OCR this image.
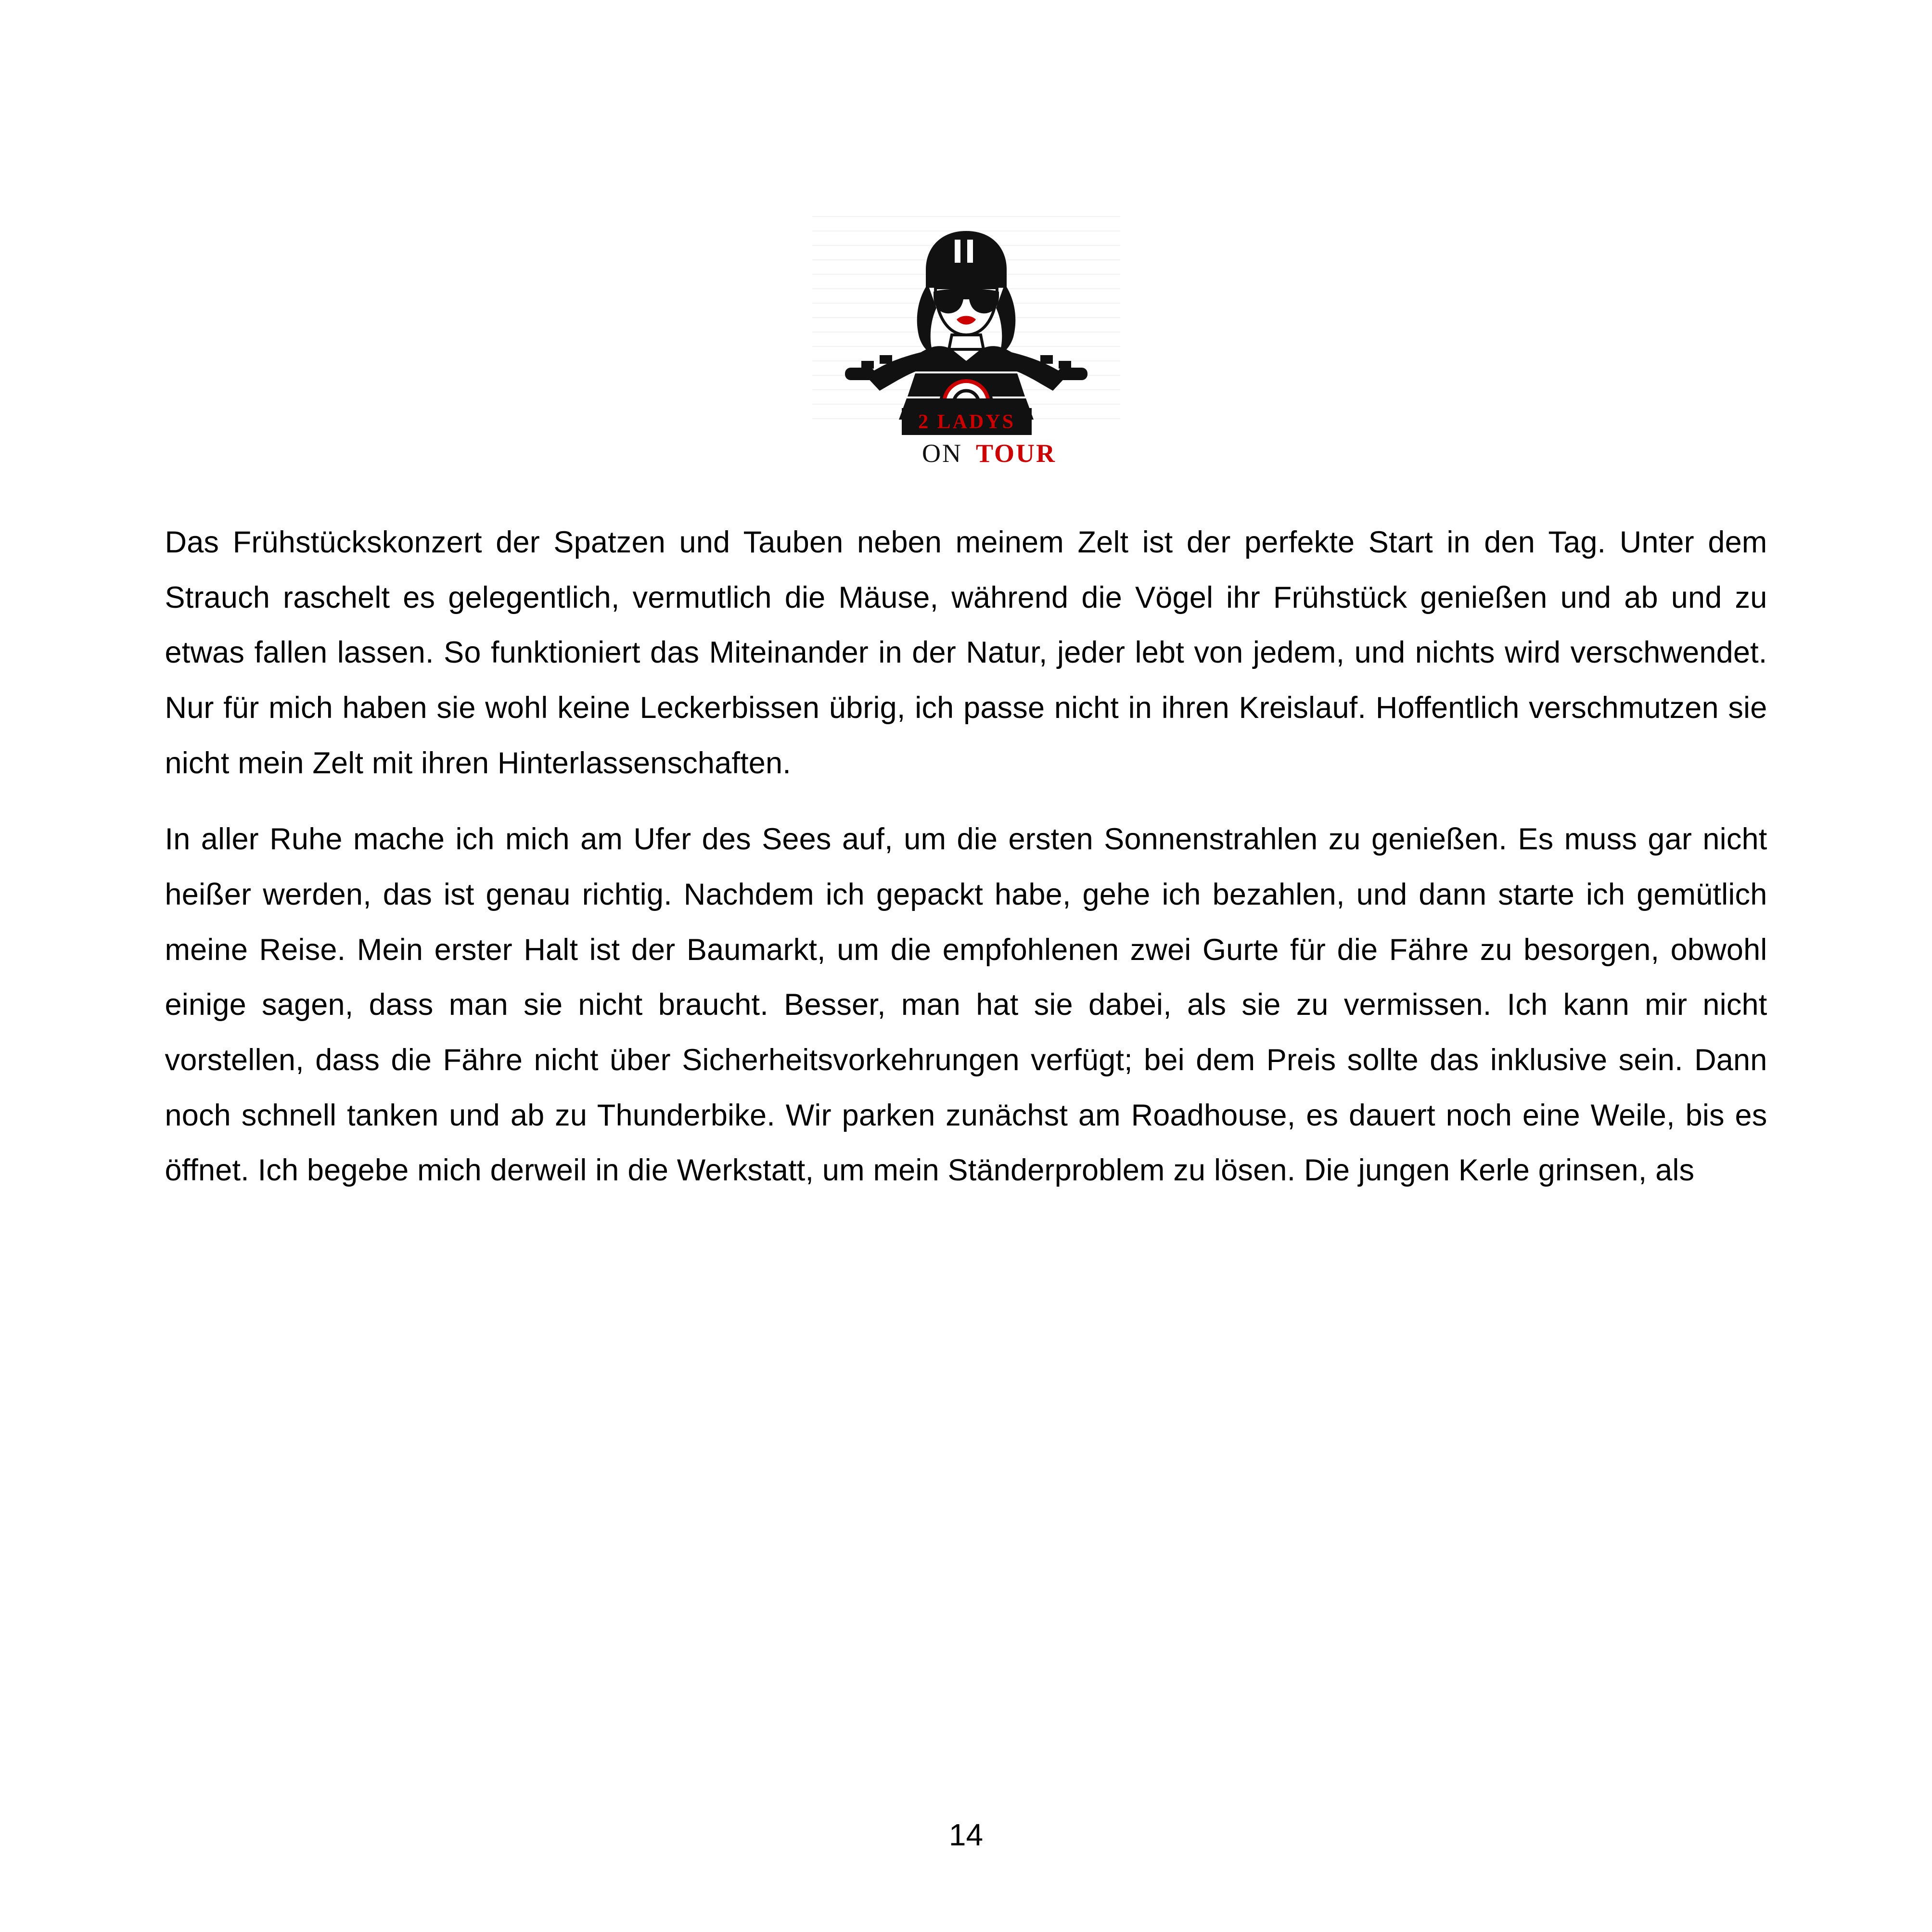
2 LADYS
ON TOUR

Das Frühstückskonzert der Spatzen und Tauben neben meinem Zelt ist der perfekte Start in den Tag. Unter dem Strauch raschelt es gelegentlich, vermutlich die Mäuse, während die Vögel ihr Frühstück genießen und ab und zu etwas fallen lassen. So funktioniert das Miteinander in der Natur, jeder lebt von jedem, und nichts wird verschwendet. Nur für mich haben sie wohl keine Leckerbissen übrig, ich passe nicht in ihren Kreislauf. Hoffentlich verschmutzen sie nicht mein Zelt mit ihren Hinterlassenschaften.

In aller Ruhe mache ich mich am Ufer des Sees auf, um die ersten Sonnenstrahlen zu genießen. Es muss gar nicht heißer werden, das ist genau richtig. Nachdem ich gepackt habe, gehe ich bezahlen, und dann starte ich gemütlich meine Reise. Mein erster Halt ist der Baumarkt, um die empfohlenen zwei Gurte für die Fähre zu besorgen, obwohl einige sagen, dass man sie nicht braucht. Besser, man hat sie dabei, als sie zu vermissen. Ich kann mir nicht vorstellen, dass die Fähre nicht über Sicherheitsvorkehrungen verfügt; bei dem Preis sollte das inklusive sein. Dann noch schnell tanken und ab zu Thunderbike. Wir parken zunächst am Roadhouse, es dauert noch eine Weile, bis es öffnet. Ich begebe mich derweil in die Werkstatt, um mein Ständerproblem zu lösen. Die jungen Kerle grinsen, als

14
